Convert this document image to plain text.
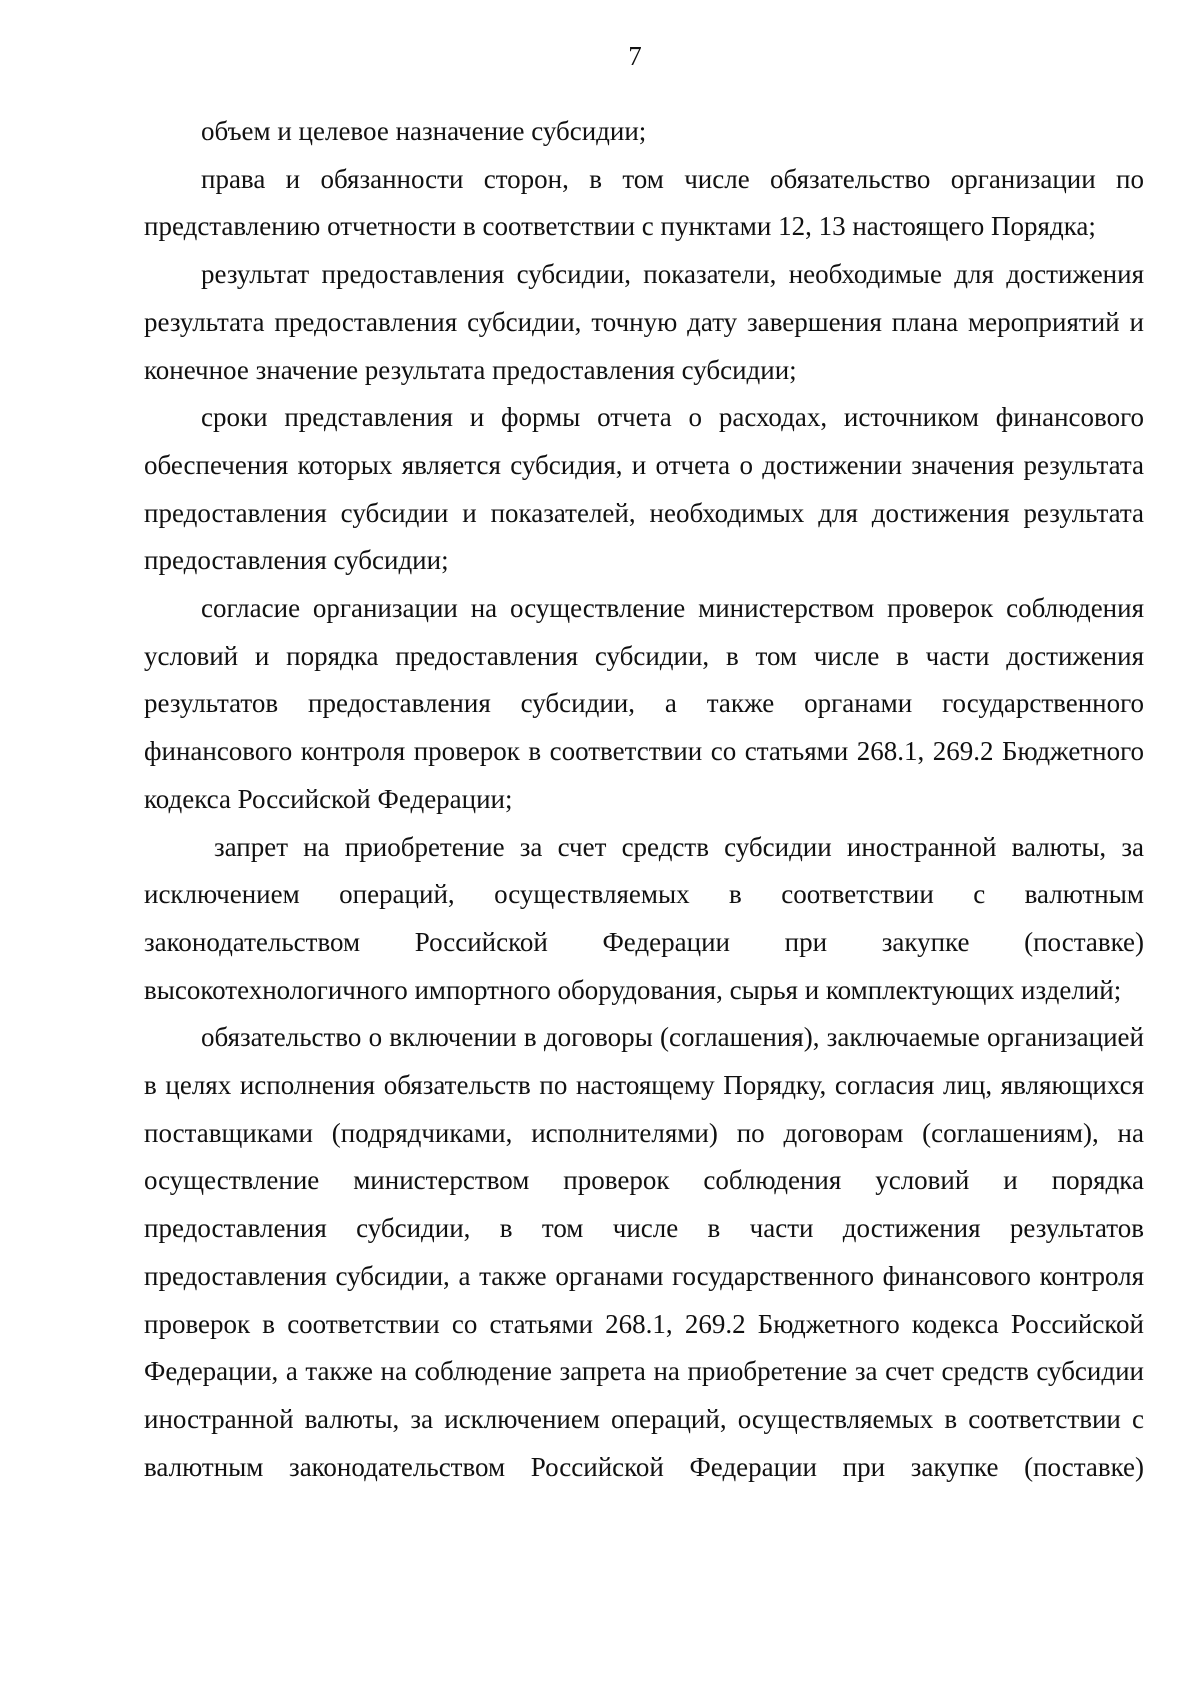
7

объем и целевое назначение субсидии;

права и обязанности сторон, в том числе обязательство организации по представлению отчетности в соответствии с пунктами 12, 13 настоящего Порядка;

результат предоставления субсидии, показатели, необходимые для достижения результата предоставления субсидии, точную дату завершения плана мероприятий и конечное значение результата предоставления субсидии;

сроки представления и формы отчета о расходах, источником финансового обеспечения которых является субсидия, и отчета о достижении значения результата предоставления субсидии и показателей, необходимых для достижения результата предоставления субсидии;

согласие организации на осуществление министерством проверок соблюдения условий и порядка предоставления субсидии, в том числе в части достижения результатов предоставления субсидии, а также органами государственного финансового контроля проверок в соответствии со статьями 268.1, 269.2 Бюджетного кодекса Российской Федерации;

запрет на приобретение за счет средств субсидии иностранной валюты, за исключением операций, осуществляемых в соответствии с валютным законодательством Российской Федерации при закупке (поставке) высокотехнологичного импортного оборудования, сырья и комплектующих изделий;

обязательство о включении в договоры (соглашения), заключаемые организацией в целях исполнения обязательств по настоящему Порядку, согласия лиц, являющихся поставщиками (подрядчиками, исполнителями) по договорам (соглашениям), на осуществление министерством проверок соблюдения условий и порядка предоставления субсидии, в том числе в части достижения результатов предоставления субсидии, а также органами государственного финансового контроля проверок в соответствии со статьями 268.1, 269.2 Бюджетного кодекса Российской Федерации, а также на соблюдение запрета на приобретение за счет средств субсидии иностранной валюты, за исключением операций, осуществляемых в соответствии с валютным законодательством Российской Федерации при закупке (поставке)
